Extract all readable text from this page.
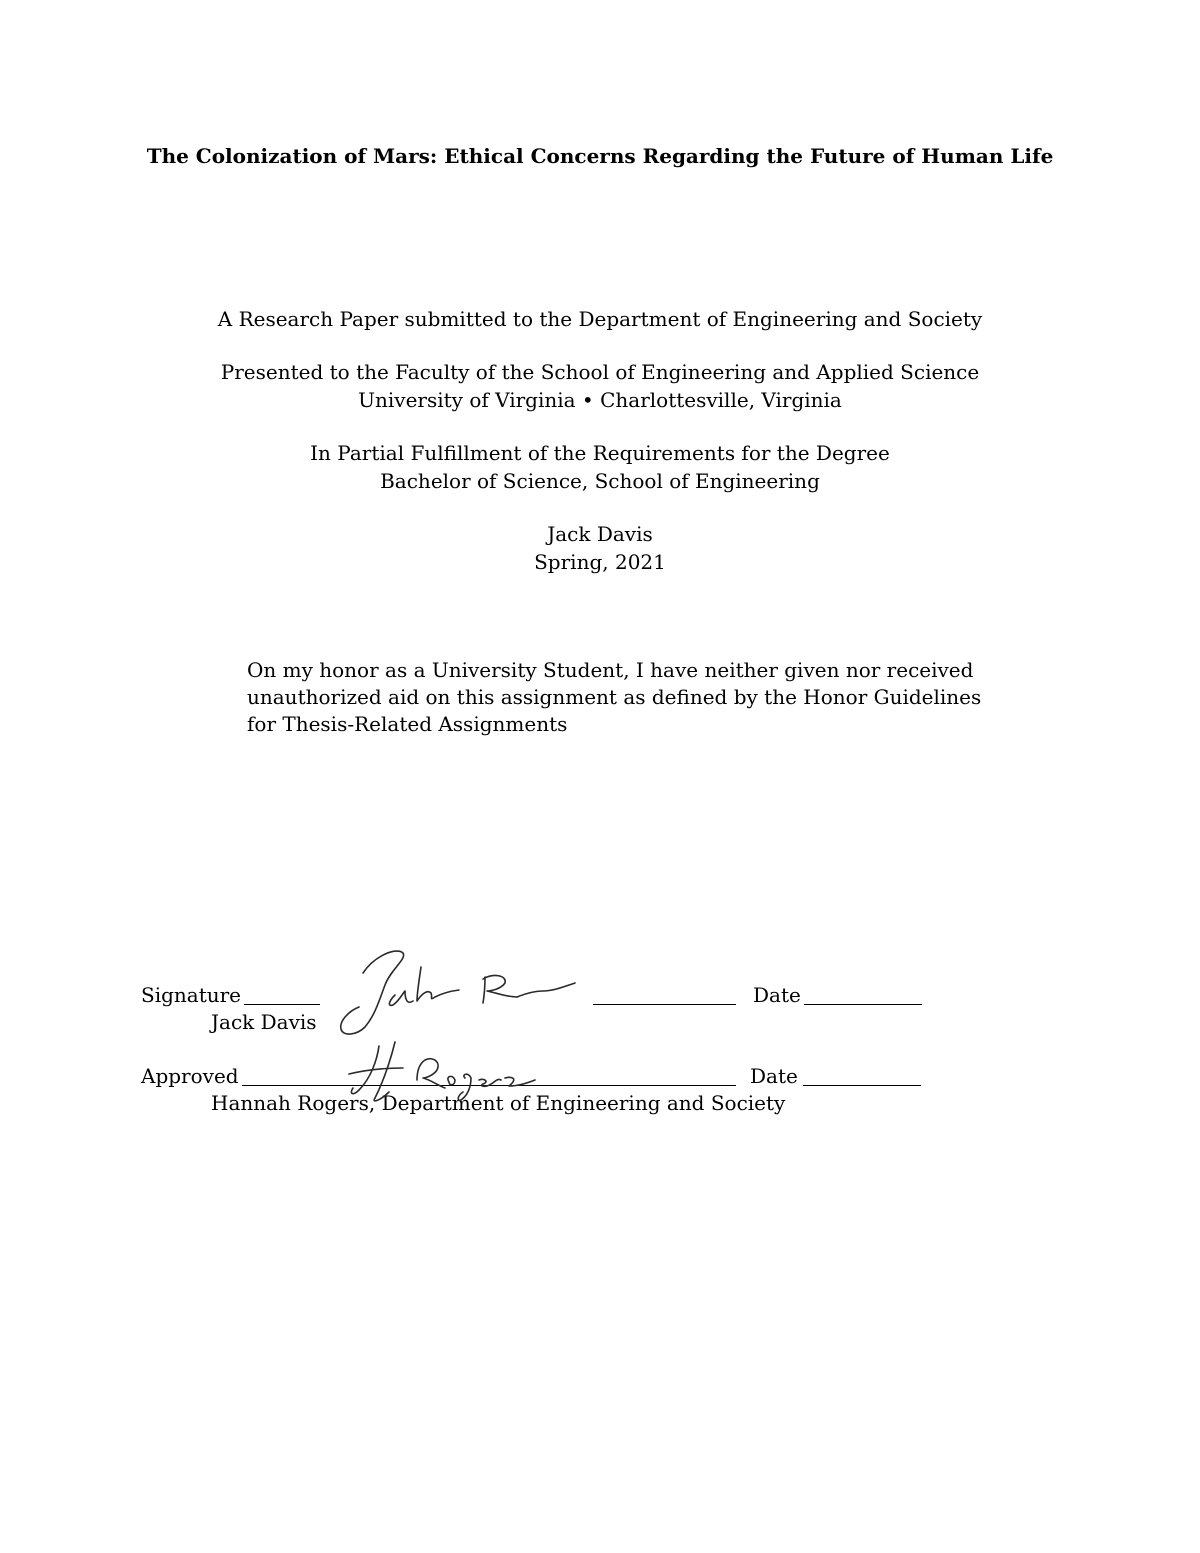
The Colonization of Mars: Ethical Concerns Regarding the Future of Human Life
A Research Paper submitted to the Department of Engineering and Society
Presented to the Faculty of the School of Engineering and Applied Science
University of Virginia • Charlottesville, Virginia
In Partial Fulfillment of the Requirements for the Degree
Bachelor of Science, School of Engineering
Jack Davis
Spring, 2021
On my honor as a University Student, I have neither given nor received
unauthorized aid on this assignment as defined by the Honor Guidelines
for Thesis-Related Assignments
Signature	Date
Jack Davis
Approved	Date
Hannah Rogers, Department of Engineering and Society
